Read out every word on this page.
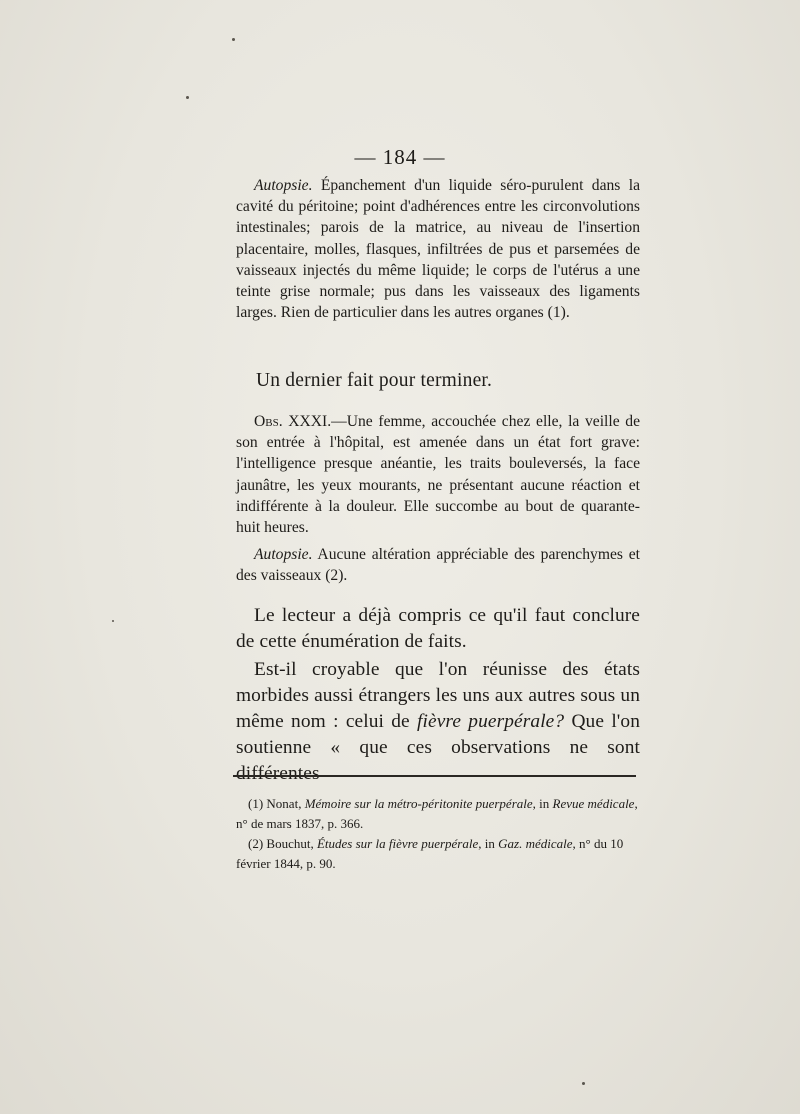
— 184 —

Autopsie. Épanchement d'un liquide séro-purulent dans la cavité du péritoine; point d'adhérences entre les circonvolutions intestinales; parois de la matrice, au niveau de l'insertion placentaire, molles, flasques, infiltrées de pus et parsemées de vaisseaux injectés du même liquide; le corps de l'utérus a une teinte grise normale; pus dans les vaisseaux des ligaments larges. Rien de particulier dans les autres organes (1).

Un dernier fait pour terminer.

Obs. XXXI.—Une femme, accouchée chez elle, la veille de son entrée à l'hôpital, est amenée dans un état fort grave: l'intelligence presque anéantie, les traits bouleversés, la face jaunâtre, les yeux mourants, ne présentant aucune réaction et indifférente à la douleur. Elle succombe au bout de quarante-huit heures.

Autopsie. Aucune altération appréciable des parenchymes et des vaisseaux (2).

Le lecteur a déjà compris ce qu'il faut conclure de cette énumération de faits.

Est-il croyable que l'on réunisse des états morbides aussi étrangers les uns aux autres sous un même nom : celui de fièvre puerpérale? Que l'on soutienne « que ces observations ne sont différentes

(1) Nonat, Mémoire sur la métro-péritonite puerpérale, in Revue médicale, n° de mars 1837, p. 366.

(2) Bouchut, Études sur la fièvre puerpérale, in Gaz. médicale, n° du 10 février 1844, p. 90.
